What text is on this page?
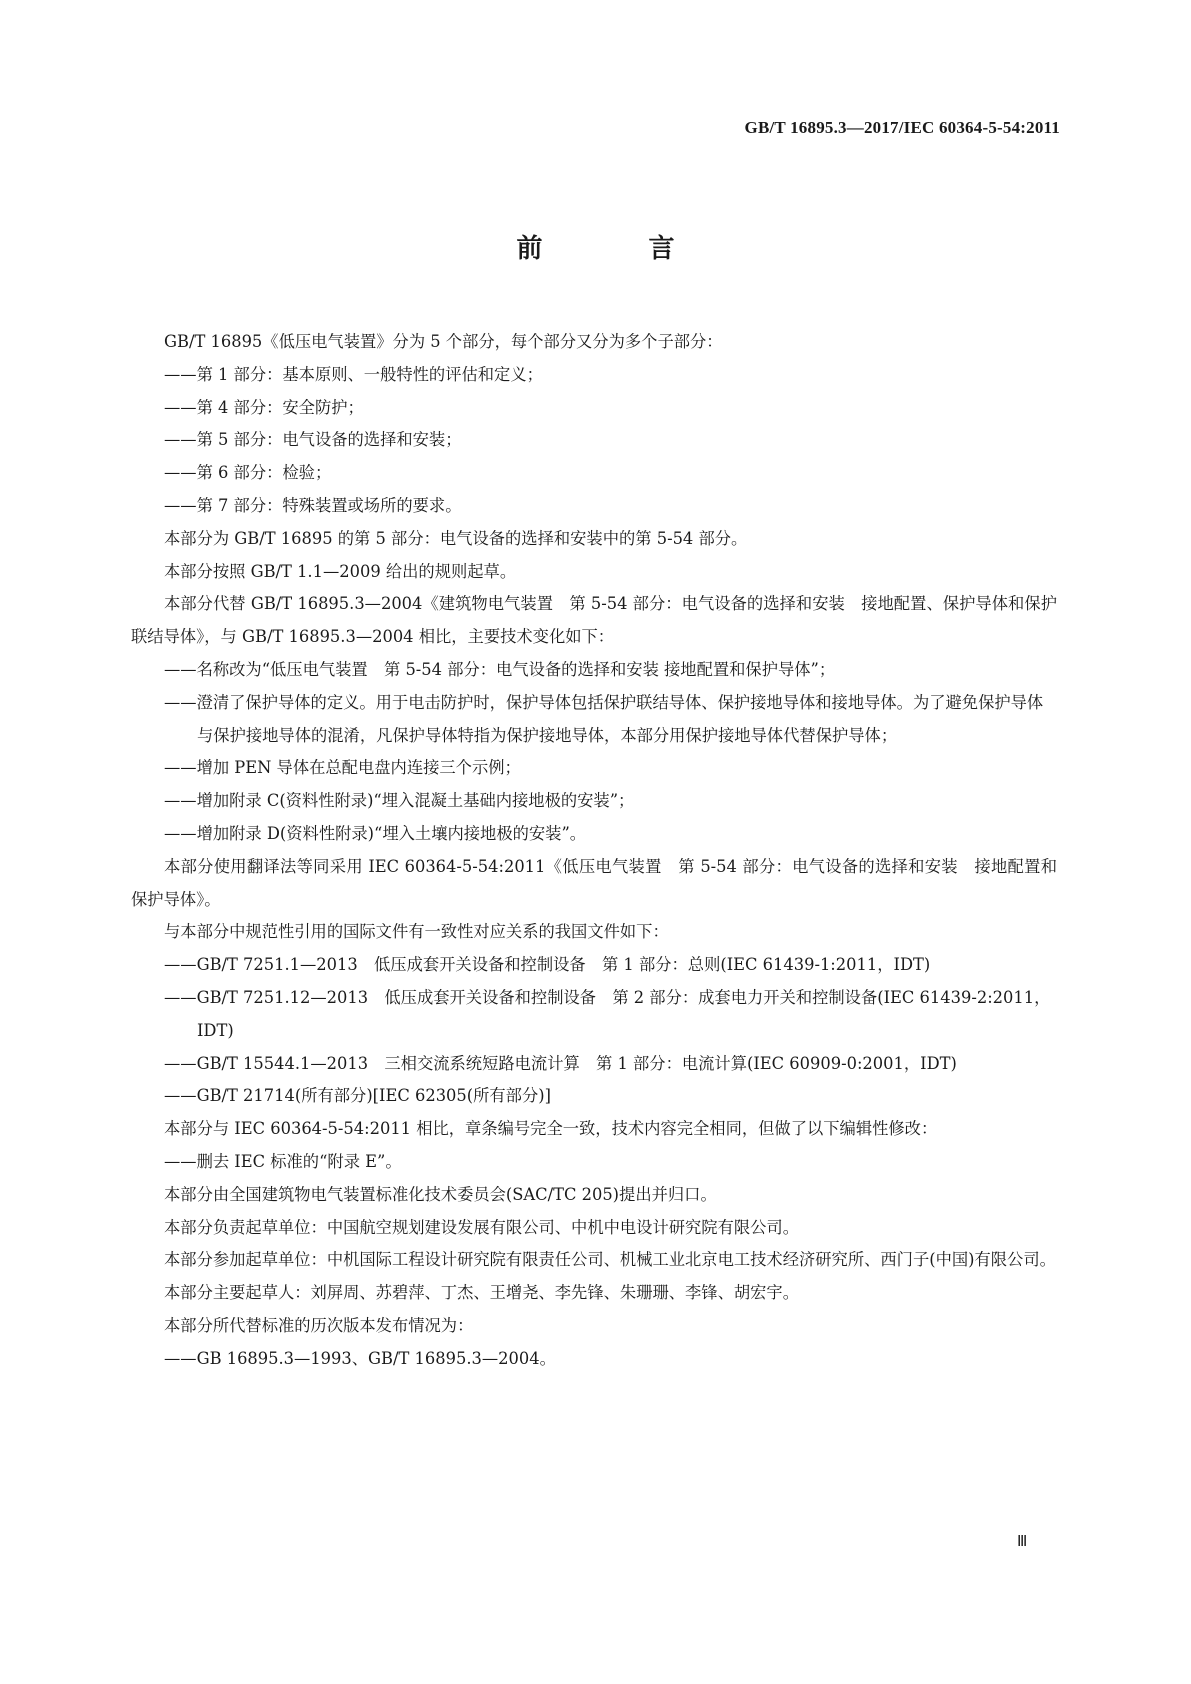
GB/T 16895.3—2017/IEC 60364-5-54:2011
前　言
GB/T 16895《低压电气装置》分为 5 个部分，每个部分又分为多个子部分：
——第 1 部分：基本原则、一般特性的评估和定义；
——第 4 部分：安全防护；
——第 5 部分：电气设备的选择和安装；
——第 6 部分：检验；
——第 7 部分：特殊装置或场所的要求。
本部分为 GB/T 16895 的第 5 部分：电气设备的选择和安装中的第 5-54 部分。
本部分按照 GB/T 1.1—2009 给出的规则起草。
本部分代替 GB/T 16895.3—2004《建筑物电气装置　第 5-54 部分：电气设备的选择和安装　接地配置、保护导体和保护联结导体》，与 GB/T 16895.3—2004 相比，主要技术变化如下：
——名称改为“低压电气装置　第 5-54 部分：电气设备的选择和安装 接地配置和保护导体”；
——澄清了保护导体的定义。用于电击防护时，保护导体包括保护联结导体、保护接地导体和接地导体。为了避免保护导体与保护接地导体的混淆，凡保护导体特指为保护接地导体，本部分用保护接地导体代替保护导体；
——增加 PEN 导体在总配电盘内连接三个示例；
——增加附录 C(资料性附录)“埋入混凝土基础内接地极的安装”；
——增加附录 D(资料性附录)“埋入土壤内接地极的安装”。
本部分使用翻译法等同采用 IEC 60364-5-54:2011《低压电气装置　第 5-54 部分：电气设备的选择和安装　接地配置和保护导体》。
与本部分中规范性引用的国际文件有一致性对应关系的我国文件如下：
——GB/T 7251.1—2013　低压成套开关设备和控制设备　第 1 部分：总则(IEC 61439-1:2011，IDT)
——GB/T 7251.12—2013　低压成套开关设备和控制设备　第 2 部分：成套电力开关和控制设备(IEC 61439-2:2011，IDT)
——GB/T 15544.1—2013　三相交流系统短路电流计算　第 1 部分：电流计算(IEC 60909-0:2001，IDT)
——GB/T 21714(所有部分)[IEC 62305(所有部分)]
本部分与 IEC 60364-5-54:2011 相比，章条编号完全一致，技术内容完全相同，但做了以下编辑性修改：
——删去 IEC 标准的“附录 E”。
本部分由全国建筑物电气装置标准化技术委员会(SAC/TC 205)提出并归口。
本部分负责起草单位：中国航空规划建设发展有限公司、中机中电设计研究院有限公司。
本部分参加起草单位：中机国际工程设计研究院有限责任公司、机械工业北京电工技术经济研究所、西门子(中国)有限公司。
本部分主要起草人：刘屏周、苏碧萍、丁杰、王增尧、李先锋、朱珊珊、李锋、胡宏宇。
本部分所代替标准的历次版本发布情况为：
——GB 16895.3—1993、GB/T 16895.3—2004。
Ⅲ
